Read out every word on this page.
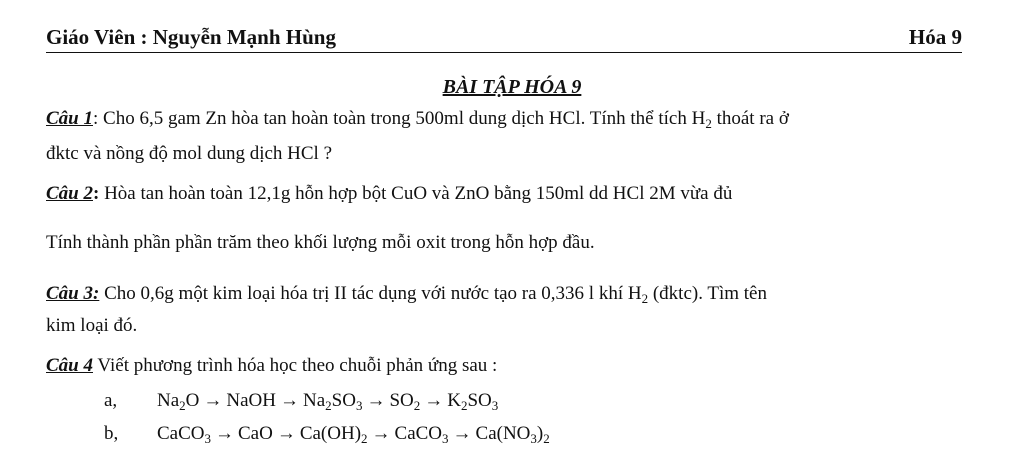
Giáo Viên : Nguyễn Mạnh Hùng	Hóa 9
BÀI TẬP HÓA 9
Câu 1: Cho 6,5 gam Zn hòa tan hoàn toàn trong 500ml dung dịch HCl. Tính thể tích $H_2$ thoát ra ở
đktc và nồng độ mol dung dịch HCl ?
Câu 2: Hòa tan hoàn toàn 12,1g hỗn hợp bột CuO và ZnO bằng 150ml dd HCl 2M vừa đủ
Tính thành phần phần trăm theo khối lượng mỗi oxit trong hỗn hợp đầu.
Câu 3: Cho 0,6g một kim loại hóa trị II tác dụng với nước tạo ra 0,336 l khí $H_2$ (đktc). Tìm tên
kim loại đó.
Câu 4 Viết phương trình hóa học theo chuỗi phản ứng sau :
a, $Na_2O$ → NaOH → $Na_2SO_3 \to SO_2 \to K_2SO_3$
b, CaCO$_3$ → CaO → $Ca(OH)_2$ → CaCO$_3$ → $Ca(NO_3)_2$
